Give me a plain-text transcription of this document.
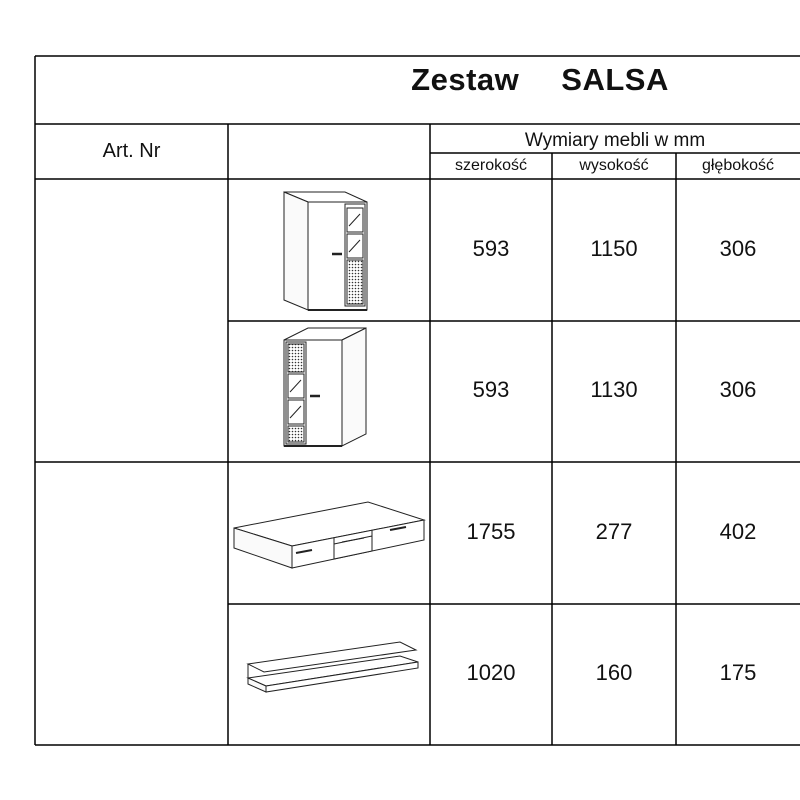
Zestaw SALSA
Art. Nr	Wymiary mebli w mm
szerokość	wysokość	głębokość
593	1150	306
593	1130	306
1755	277	402
1020	160	175
